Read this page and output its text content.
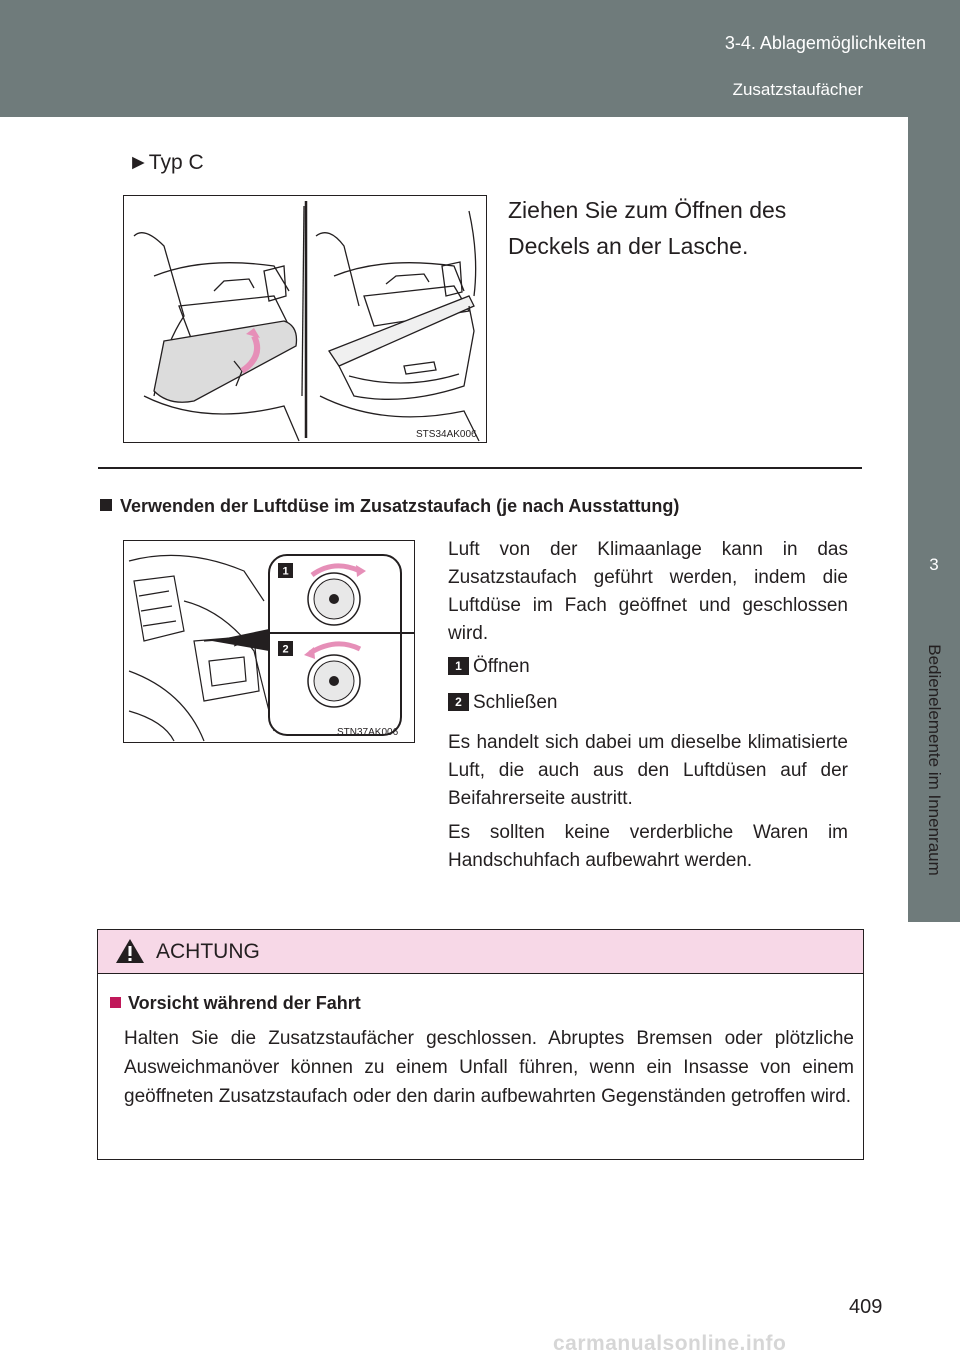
3-4. Ablagemöglichkeiten
Zusatzstaufächer
3
Bedienelemente im Innenraum
►Typ C
STS34AK006
Ziehen Sie zum Öffnen des Deckels an der Lasche.
Verwenden der Luftdüse im Zusatzstaufach (je nach Ausstattung)
1
2
STN37AK006
Luft von der Klimaanlage kann in das Zusatzstaufach geführt werden, indem die Luftdüse im Fach geöffnet und geschlossen wird.
1 Öffnen
2 Schließen
Es handelt sich dabei um dieselbe klimatisierte Luft, die auch aus den Luftdüsen auf der Beifahrerseite austritt.
Es sollten keine verderbliche Waren im Handschuhfach aufbewahrt werden.
ACHTUNG
Vorsicht während der Fahrt
Halten Sie die Zusatzstaufächer geschlossen. Abruptes Bremsen oder plötzliche Ausweichmanöver können zu einem Unfall führen, wenn ein Insasse von einem geöffneten Zusatzstaufach oder den darin aufbewahrten Gegenständen getroffen wird.
409
carmanualsonline.info
